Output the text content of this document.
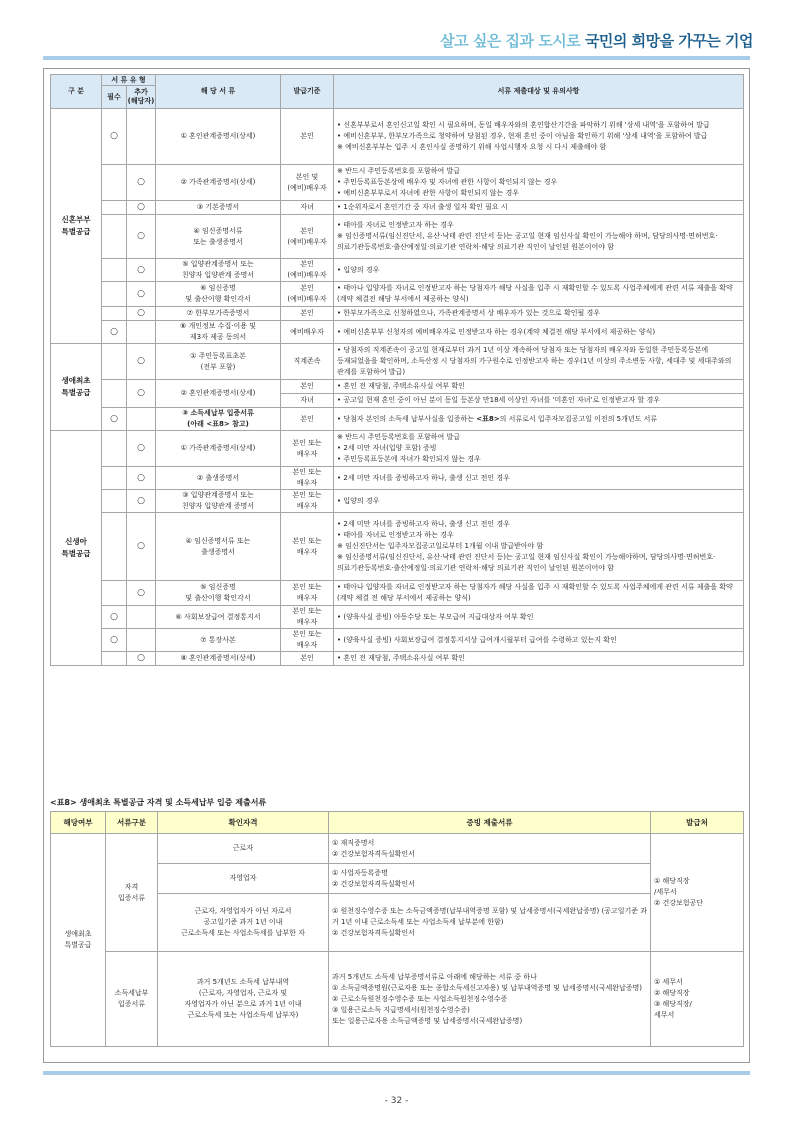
살고 싶은 집과 도시로 국민의 희망을 가꾸는 기업
구 분	서 류 유 형		해 당 서 류	발급기준	서류 제출대상 및 유의사항
	필수	추가
(해당자)			
신혼부부
특별공급	○		① 혼인관계증명서(상세)	본인	• 신혼부부로서 혼인신고일 확인 시 필요하며, 동일 배우자와의 혼인합산기간을 파악하기 위해 '상세 내역'을 포함하여 발급
• 예비신혼부부, 한부모가족으로 청약하여 당첨된 경우, 현재 혼인 중이 아님을 확인하기 위해 '상세 내역'을 포함하여 발급
※ 예비신혼부부는 입주 시 혼인사실 증명하기 위해 사업시행자 요청 시 다시 제출해야 함
		○	② 가족관계증명서(상세)	본인 및
(예비)배우자	※ 반드시 주민등록번호를 포함하여 발급
• 주민등록표등본상에 배우자 및 자녀에 관한 사항이 확인되지 않는 경우
• 예비신혼부부로서 자녀에 관한 사항이 확인되지 않는 경우
		○	③ 기본증명서	자녀	• 1순위자로서 혼인기간 중 자녀 출생 일자 확인 필요 시
		○	④ 임신증명서류
또는 출생증명서	본인
(예비)배우자	• 태아를 자녀로 인정받고자 하는 경우
※ 임신증명서류(임신진단서, 유산·낙태 관련 진단서 등)는 공고일 현재 임신사실 확인이 가능해야 하며, 담당의사명·면허번호·의료기관등록번호·출산예정일·의료기관 연락처·해당 의료기관 직인이 날인된 원본이어야 함
		○	⑤ 입양관계증명서 또는
친양자 입양관계 증명서	본인
(예비)배우자	• 입양의 경우
		○	⑥ 임신증명
및 출산이행 확인각서	본인
(예비)배우자	• 태아나 입양자를 자녀로 인정받고자 하는 당첨자가 해당 사실을 입주 시 재확인할 수 있도록 사업주체에게 관련 서류 제출을 확약(계약 체결전 해당 부서에서 제공하는 양식)
		○	⑦ 한부모가족증명서	본인	• 한부모가족으로 신청하였으나, 가족관계증명서 상 배우자가 있는 것으로 확인될 경우
	○		⑧ 개인정보 수집·이용 및
제3자 제공 동의서	예비배우자	• 예비신혼부부 신청자의 예비배우자로 인정받고자 하는 경우(계약 체결전 해당 부서에서 제공하는 양식)
생애최초
특별공급		○	① 주민등록표초본
(전부 포함)	직계존속	• 당첨자의 직계존속이 공고일 현재로부터 과거 1년 이상 계속하여 당첨자 또는 당첨자의 배우자와 동일한 주민등록등본에 등재되었음을 확인하며, 소득산정 시 당첨자의 가구원수로 인정받고자 하는 경우(1년 이상의 주소변동 사항, 세대주 및 세대주와의 관계를 포함하여 발급)
		○	② 혼인관계증명서(상세)	본인	• 혼인 전 재당첨, 주택소유사실 여부 확인
				자녀	• 공고일 현재 혼인 중이 아닌 분이 동일 등본상 만18세 이상인 자녀를 '미혼인 자녀'로 인정받고자 할 경우
	○		③ 소득세납부 입증서류
(아래 <표8> 참고)	본인	• 당첨자 본인의 소득세 납부사실을 입증하는 <표8>의 서류로서 입주자모집공고일 이전의 5개년도 서류
신생아
특별공급		○	① 가족관계증명서(상세)	본인 또는
배우자	※ 반드시 주민등록번호를 포함하여 발급
• 2세 미만 자녀(입양 포함) 증빙
• 주민등록표등본에 자녀가 확인되지 않는 경우
		○	② 출생증명서	본인 또는
배우자	• 2세 미만 자녀를 증빙하고자 하나, 출생 신고 전인 경우
		○	③ 입양관계증명서 또는
친양자 입양관계 증명서	본인 또는
배우자	• 입양의 경우
		○	④ 임신증명서류 또는
출생증명서	본인 또는
배우자	• 2세 미만 자녀를 증빙하고자 하나, 출생 신고 전인 경우
• 태아를 자녀로 인정받고자 하는 경우
※ 임신진단서는 입주자모집공고일로부터 1개월 이내 발급받아야 함
※ 임신증명서류(임신진단서, 유산·낙태 관련 진단서 등)는 공고일 현재 임신사실 확인이 가능해야하며, 담당의사명·면허번호·의료기관등록번호·출산예정일·의료기관 연락처·해당 의료기관 직인이 날인된 원본이어야 함
		○	⑤ 임신증명
및 출산이행 확인각서	본인 또는
배우자	• 태아나 입양자를 자녀로 인정받고자 하는 당첨자가 해당 사실을 입주 시 재확인할 수 있도록 사업주체에게 관련 서류 제출을 확약(계약 체결 전 해당 부서에서 제공하는 양식)
	○		⑥ 사회보장급여 결정통지서	본인 또는
배우자	• (양육사실 증빙) 아동수당 또는 부모급여 지급대상자 여부 확인
	○		⑦ 통장사본	본인 또는
배우자	• (양육사실 증빙) 사회보장급여 결정통지서상 급여개시월부터 급여를 수령하고 있는지 확인
		○	⑧ 혼인관계증명서(상세)	본인	• 혼인 전 재당첨, 주택소유사실 여부 확인
<표8> 생애최초 특별공급 자격 및 소득세납부 입증 제출서류
해당여부	서류구분	확인자격	증빙 제출서류	발급처
생애최초
특별공급	자격
입증서류	근로자	① 재직증명서
② 건강보험자격득실확인서	① 해당직장
/세무서
② 건강보험공단
		자영업자	① 사업자등록증명
② 건강보험자격득실확인서	
		근로자, 자영업자가 아닌 자로서
공고일기준 과거 1년 이내
근로소득세 또는 사업소득세를 납부한 자	① 원천징수영수증 또는 소득금액증명(납부내역증명 포함) 및 납세증명서(국세완납증명) (공고일기준 과거 1년 이내 근로소득세 또는 사업소득세 납부분에 한함)
② 건강보험자격득실확인서	
	소득세납부
입증서류	과거 5개년도 소득세 납부내역
(근로자, 자영업자, 근로자 및
자영업자가 아닌 분으로 과거 1년 이내
근로소득세 또는 사업소득세 납부자)	과거 5개년도 소득세 납부증명서류로 아래에 해당하는 서류 중 하나
① 소득금액증명원(근로자용 또는 종합소득세신고자용) 및 납부내역증명 및 납세증명서(국세완납증명)
② 근로소득원천징수영수증 또는 사업소득원천징수영수증
③ 일용근로소득 지급명세서(원천징수영수증)
또는 일용근로자용 소득금액증명 및 납세증명서(국세완납증명)	① 세무서
② 해당직장
③ 해당직장/
세무서
- 32 -
